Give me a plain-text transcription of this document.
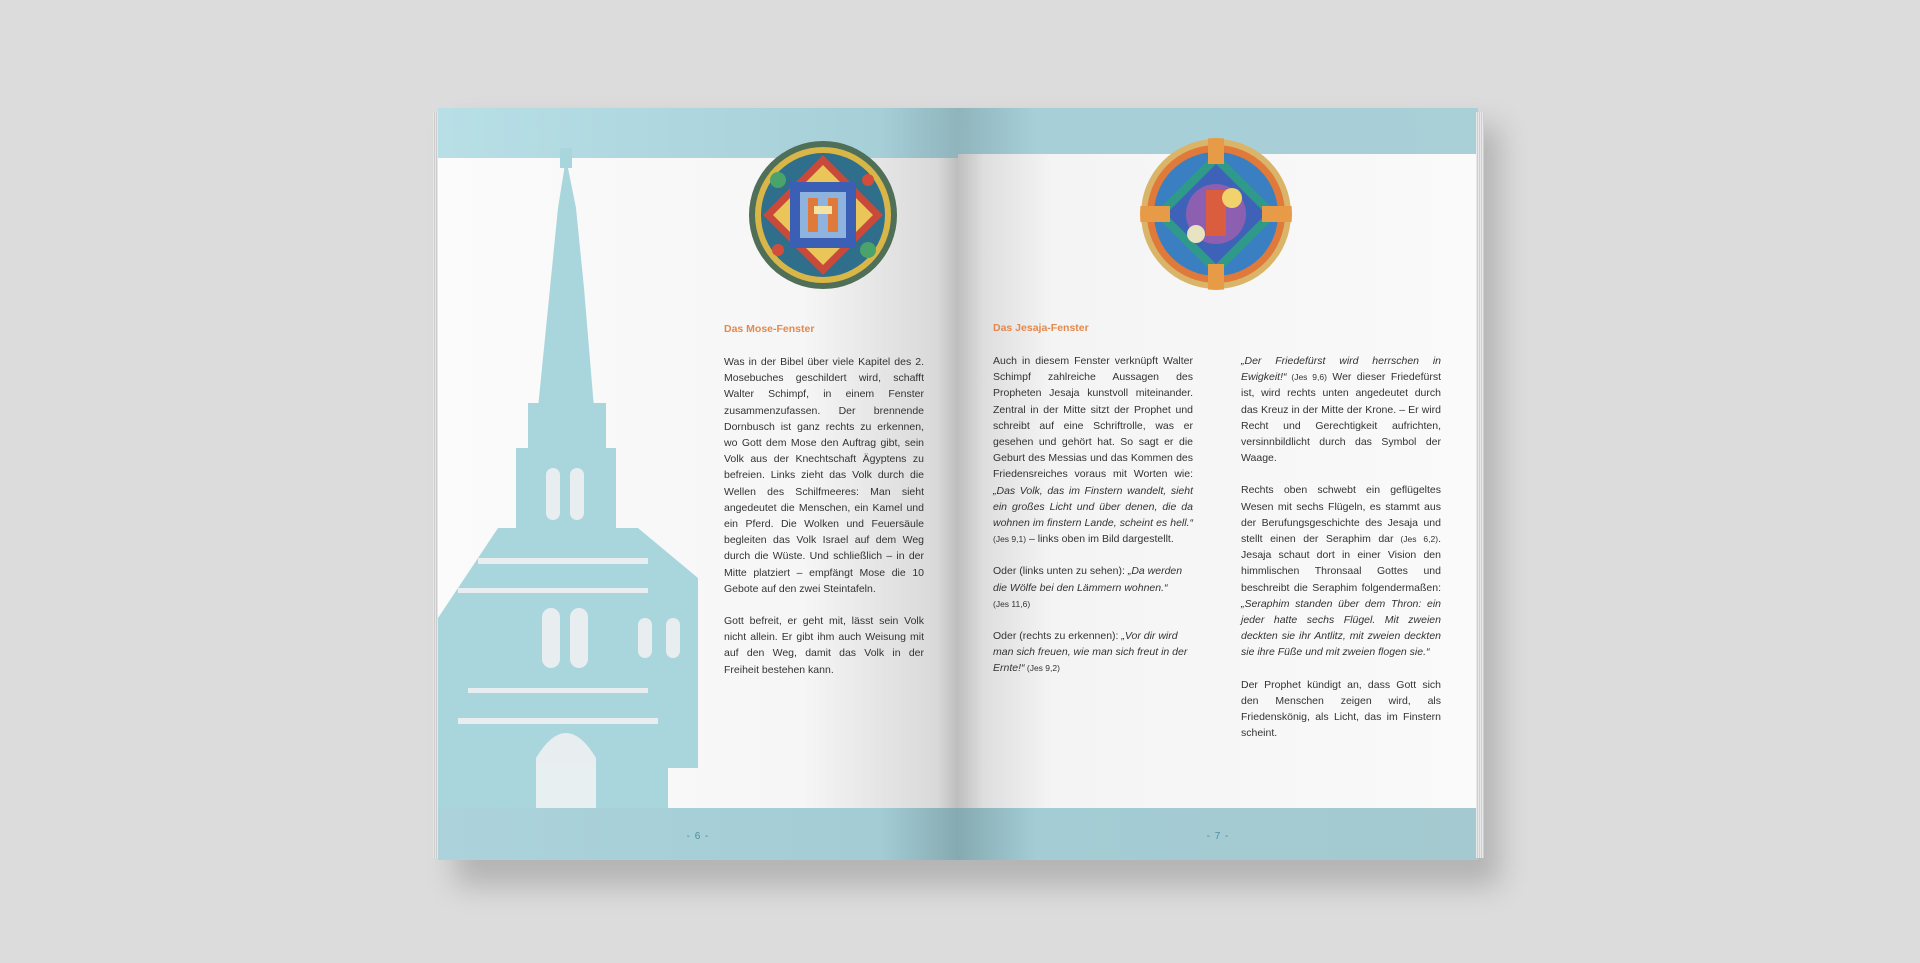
Das Mose-Fenster

Was in der Bibel über viele Kapitel des 2. Mosebuches geschildert wird, schafft Walter Schimpf, in einem Fenster zusammenzufassen. Der brennende Dornbusch ist ganz rechts zu erkennen, wo Gott dem Mose den Auftrag gibt, sein Volk aus der Knechtschaft Ägyptens zu befreien. Links zieht das Volk durch die Wellen des Schilfmeeres: Man sieht angedeutet die Menschen, ein Kamel und ein Pferd. Die Wolken und Feuersäule begleiten das Volk Israel auf dem Weg durch die Wüste. Und schließlich – in der Mitte platziert – empfängt Mose die 10 Gebote auf den zwei Steintafeln.

Gott befreit, er geht mit, lässt sein Volk nicht allein. Er gibt ihm auch Weisung mit auf den Weg, damit das Volk in der Freiheit bestehen kann.

- 6 -
Das Jesaja-Fenster

Auch in diesem Fenster verknüpft Walter Schimpf zahlreiche Aussagen des Propheten Jesaja kunstvoll miteinander. Zentral in der Mitte sitzt der Prophet und schreibt auf eine Schriftrolle, was er gesehen und gehört hat. So sagt er die Geburt des Messias und das Kommen des Friedensreiches voraus mit Worten wie: „Das Volk, das im Finstern wandelt, sieht ein großes Licht und über denen, die da wohnen im finstern Lande, scheint es hell.“ (Jes 9,1) – links oben im Bild dargestellt.

Oder (links unten zu sehen): „Da werden die Wölfe bei den Lämmern wohnen.“
(Jes 11,6)

Oder (rechts zu erkennen): „Vor dir wird man sich freuen, wie man sich freut in der Ernte!“ (Jes 9,2)

„Der Friedefürst wird herrschen in Ewigkeit!“ (Jes 9,6) Wer dieser Friedefürst ist, wird rechts unten angedeutet durch das Kreuz in der Mitte der Krone. – Er wird Recht und Gerechtigkeit aufrichten, versinnbildlicht durch das Symbol der Waage.

Rechts oben schwebt ein geflügeltes Wesen mit sechs Flügeln, es stammt aus der Berufungsgeschichte des Jesaja und stellt einen der Seraphim dar (Jes 6,2). Jesaja schaut dort in einer Vision den himmlischen Thronsaal Gottes und beschreibt die Seraphim folgendermaßen: „Seraphim standen über dem Thron: ein jeder hatte sechs Flügel. Mit zweien deckten sie ihr Antlitz, mit zweien deckten sie ihre Füße und mit zweien flogen sie.“

Der Prophet kündigt an, dass Gott sich den Menschen zeigen wird, als Friedenskönig, als Licht, das im Finstern scheint.

- 7 -
